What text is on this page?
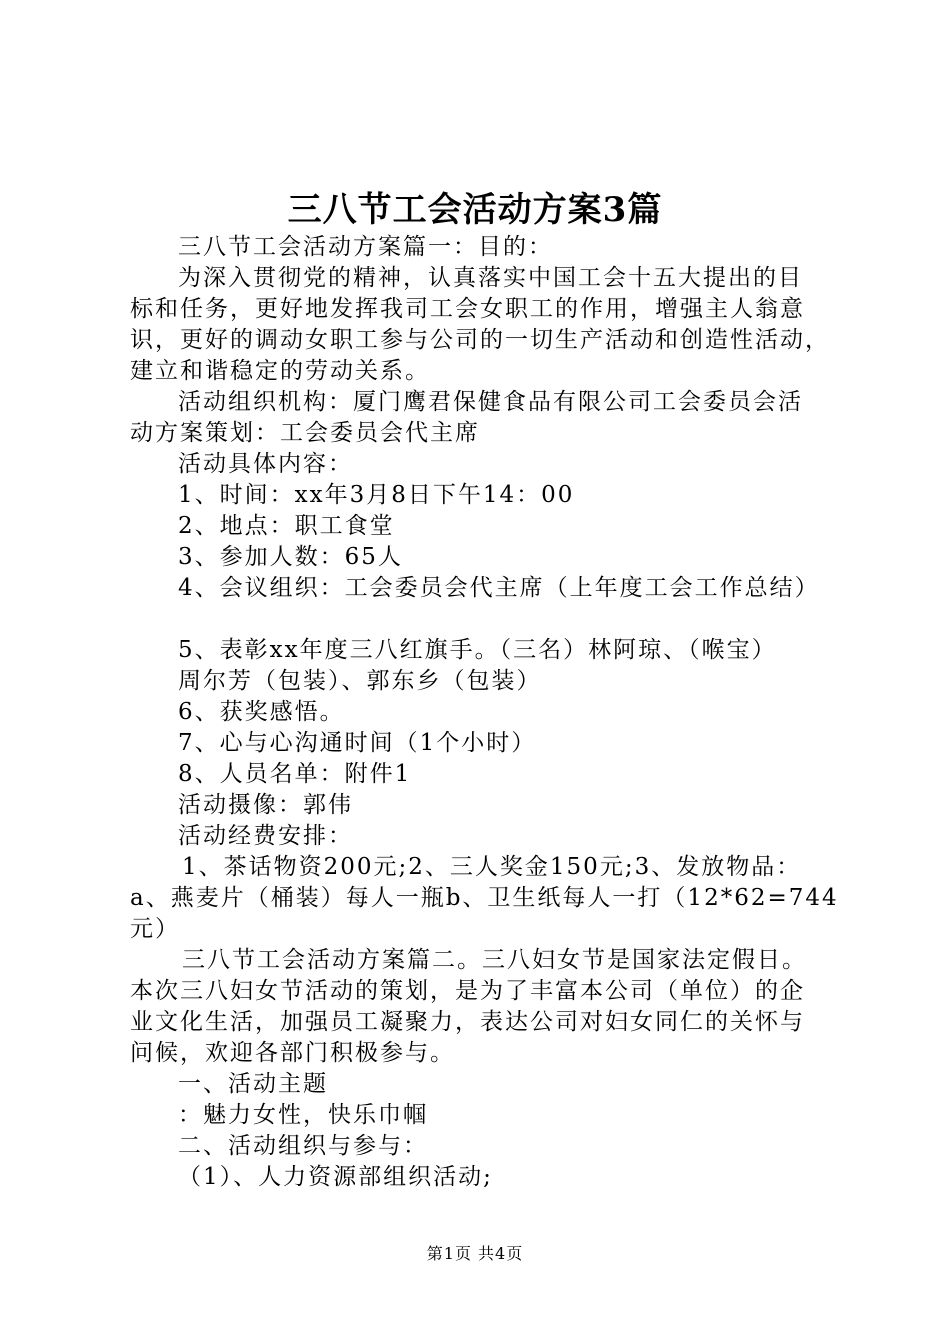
三八节工会活动方案3篇
三八节工会活动方案篇一：目的：
为深入贯彻党的精神，认真落实中国工会十五大提出的目
标和任务，更好地发挥我司工会女职工的作用，增强主人翁意
识，更好的调动女职工参与公司的一切生产活动和创造性活动，
建立和谐稳定的劳动关系。
活动组织机构：厦门鹰君保健食品有限公司工会委员会活
动方案策划：工会委员会代主席
活动具体内容：
1、时间：xx年3月8日下午14：00
2、地点：职工食堂
3、参加人数：65人
4、会议组织：工会委员会代主席（上年度工会工作总结）
5、表彰xx年度三八红旗手。（三名）林阿琼、（喉宝）
周尔芳（包装）、郭东乡（包装）
6、获奖感悟。
7、心与心沟通时间（1个小时）
8、人员名单：附件1
活动摄像：郭伟
活动经费安排：
1、茶话物资200元;2、三人奖金150元;3、发放物品：
a、燕麦片（桶装）每人一瓶b、卫生纸每人一打（12*62=744
元）
三八节工会活动方案篇二。三八妇女节是国家法定假日。
本次三八妇女节活动的策划，是为了丰富本公司（单位）的企
业文化生活，加强员工凝聚力，表达公司对妇女同仁的关怀与
问候，欢迎各部门积极参与。
一、活动主题
：魅力女性，快乐巾帼
二、活动组织与参与：
（1）、人力资源部组织活动;
第1页 共4页
